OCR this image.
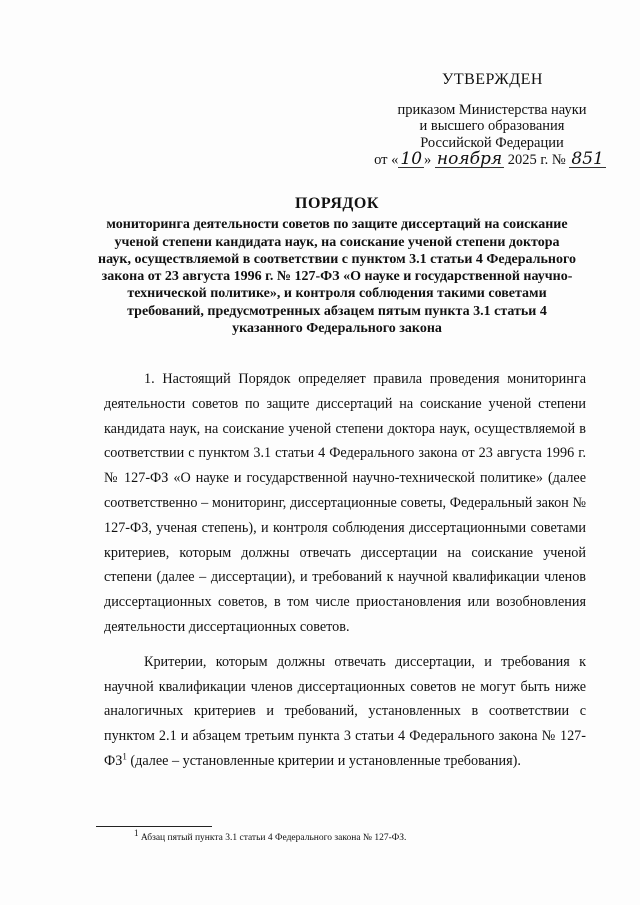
УТВЕРЖДЕН
приказом Министерства науки
и высшего образования
Российской Федерации
от « 10 » ноября 2025 г. № 851
ПОРЯДОК
мониторинга деятельности советов по защите диссертаций на соискание ученой степени кандидата наук, на соискание ученой степени доктора наук, осуществляемой в соответствии с пунктом 3.1 статьи 4 Федерального закона от 23 августа 1996 г. № 127-ФЗ «О науке и государственной научно-технической политике», и контроля соблюдения такими советами требований, предусмотренных абзацем пятым пункта 3.1 статьи 4 указанного Федерального закона

1. Настоящий Порядок определяет правила проведения мониторинга деятельности советов по защите диссертаций на соискание ученой степени кандидата наук, на соискание ученой степени доктора наук, осуществляемой в соответствии с пунктом 3.1 статьи 4 Федерального закона от 23 августа 1996 г. № 127-ФЗ «О науке и государственной научно-технической политике» (далее соответственно – мониторинг, диссертационные советы, Федеральный закон № 127-ФЗ, ученая степень), и контроля соблюдения диссертационными советами критериев, которым должны отвечать диссертации на соискание ученой степени (далее – диссертации), и требований к научной квалификации членов диссертационных советов, в том числе приостановления или возобновления деятельности диссертационных советов.

Критерии, которым должны отвечать диссертации, и требования к научной квалификации членов диссертационных советов не могут быть ниже аналогичных критериев и требований, установленных в соответствии с пунктом 2.1 и абзацем третьим пункта 3 статьи 4 Федерального закона № $127-ФЗ^1$ (далее – установленные критерии и установленные требования).

$^1$ Абзац пятый пункта 3.1 статьи 4 Федерального закона № 127-ФЗ.
